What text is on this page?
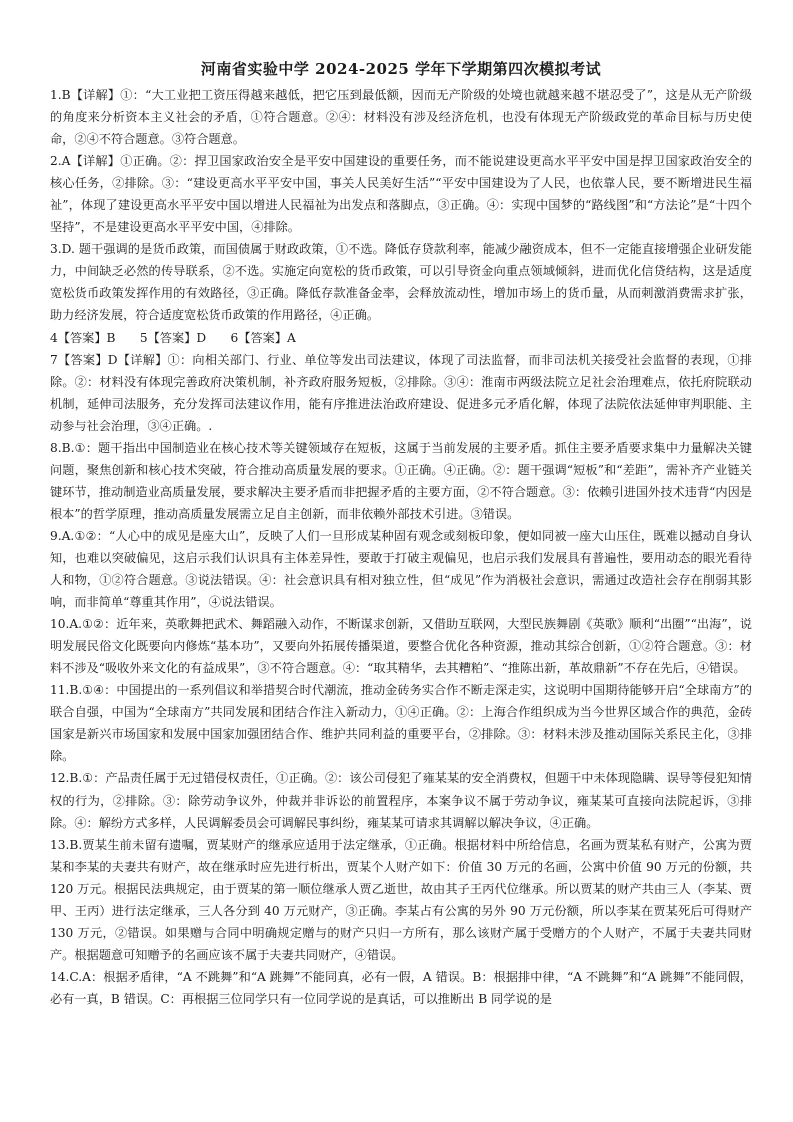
河南省实验中学 2024-2025 学年下学期第四次模拟考试

1.B【详解】①：“大工业把工资压得越来越低，把它压到最低额，因而无产阶级的处境也就越来越不堪忍受了”，这是从无产阶级的角度来分析资本主义社会的矛盾，①符合题意。②④：材料没有涉及经济危机，也没有体现无产阶级政党的革命目标与历史使命，②④不符合题意。③符合题意。

2.A【详解】①正确。②：捍卫国家政治安全是平安中国建设的重要任务，而不能说建设更高水平平安中国是捍卫国家政治安全的核心任务，②排除。③：“建设更高水平平安中国，事关人民美好生活”“平安中国建设为了人民，也依靠人民，要不断增进民生福祉”，体现了建设更高水平平安中国以增进人民福祉为出发点和落脚点，③正确。④：实现中国梦的“路线图”和“方法论”是“十四个坚持”，不是建设更高水平平安中国，④排除。

3.D. 题干强调的是货币政策，而国债属于财政政策，①不选。降低存贷款利率，能减少融资成本，但不一定能直接增强企业研发能力，中间缺乏必然的传导联系，②不选。实施定向宽松的货币政策，可以引导资金向重点领域倾斜，进而优化信贷结构，这是适度宽松货币政策发挥作用的有效路径，③正确。降低存款准备金率，会释放流动性，增加市场上的货币量，从而刺激消费需求扩张，助力经济发展，符合适度宽松货币政策的作用路径，④正确。

4【答案】B　　5【答案】D　　6【答案】A

7【答案】D【详解】①：向相关部门、行业、单位等发出司法建议，体现了司法监督，而非司法机关接受社会监督的表现，①排除。②：材料没有体现完善政府决策机制，补齐政府服务短板，②排除。③④：淮南市两级法院立足社会治理难点，依托府院联动机制，延伸司法服务，充分发挥司法建议作用，能有序推进法治政府建设、促进多元矛盾化解，体现了法院依法延伸审判职能、主动参与社会治理，③④正确。.

8.B.①：题干指出中国制造业在核心技术等关键领域存在短板，这属于当前发展的主要矛盾。抓住主要矛盾要求集中力量解决关键问题，聚焦创新和核心技术突破，符合推动高质量发展的要求。①正确。④正确。②：题干强调“短板”和“差距”，需补齐产业链关键环节，推动制造业高质量发展，要求解决主要矛盾而非把握矛盾的主要方面，②不符合题意。③：依赖引进国外技术违背“内因是根本”的哲学原理，推动高质量发展需立足自主创新，而非依赖外部技术引进。③错误。

9.A.①②：“人心中的成见是座大山”，反映了人们一旦形成某种固有观念或刻板印象，便如同被一座大山压住，既难以撼动自身认知，也难以突破偏见，这启示我们认识具有主体差异性，要敢于打破主观偏见，也启示我们发展具有普遍性，要用动态的眼光看待人和物，①②符合题意。③说法错误。④：社会意识具有相对独立性，但“成见”作为消极社会意识，需通过改造社会存在削弱其影响，而非简单“尊重其作用”，④说法错误。

10.A.①②：近年来，英歌舞把武术、舞蹈融入动作，不断谋求创新，又借助互联网，大型民族舞剧《英歌》顺利“出圈”“出海”，说明发展民俗文化既要向内修炼“基本功”，又要向外拓展传播渠道，要整合优化各种资源，推动其综合创新，①②符合题意。③：材料不涉及“吸收外来文化的有益成果”，③不符合题意。④：“取其精华，去其糟粕”、“推陈出新，革故鼎新”不存在先后，④错误。

11.B.①④：中国提出的一系列倡议和举措契合时代潮流，推动金砖务实合作不断走深走实，这说明中国期待能够开启“全球南方”的联合自强，中国为“全球南方”共同发展和团结合作注入新动力，①④正确。②：上海合作组织成为当今世界区域合作的典范，金砖国家是新兴市场国家和发展中国家加强团结合作、维护共同利益的重要平台，②排除。③：材料未涉及推动国际关系民主化，③排除。

12.B.①：产品责任属于无过错侵权责任，①正确。②：该公司侵犯了雍某某的安全消费权，但题干中未体现隐瞒、误导等侵犯知情权的行为，②排除。③：除劳动争议外，仲裁并非诉讼的前置程序，本案争议不属于劳动争议，雍某某可直接向法院起诉，③排除。④：解纷方式多样，人民调解委员会可调解民事纠纷，雍某某可请求其调解以解决争议，④正确。

13.B.贾某生前未留有遗嘱，贾某财产的继承应适用于法定继承，①正确。根据材料中所给信息，名画为贾某私有财产，公寓为贾某和李某的夫妻共有财产，故在继承时应先进行析出，贾某个人财产如下：价值 30 万元的名画，公寓中价值 90 万元的份额，共 120 万元。根据民法典规定，由于贾某的第一顺位继承人贾乙逝世，故由其子王丙代位继承。所以贾某的财产共由三人（李某、贾甲、王丙）进行法定继承，三人各分到 40 万元财产，③正确。李某占有公寓的另外 90 万元份额，所以李某在贾某死后可得财产 130 万元，②错误。如果赠与合同中明确规定赠与的财产只归一方所有，那么该财产属于受赠方的个人财产，不属于夫妻共同财产。根据题意可知赠予的名画应该不属于夫妻共同财产，④错误。

14.C.A：根据矛盾律，“A 不跳舞”和“A 跳舞”不能同真，必有一假，A 错误。B：根据排中律，“A 不跳舞”和“A 跳舞”不能同假，必有一真，B 错误。C：再根据三位同学只有一位同学说的是真话，可以推断出 B 同学说的是
